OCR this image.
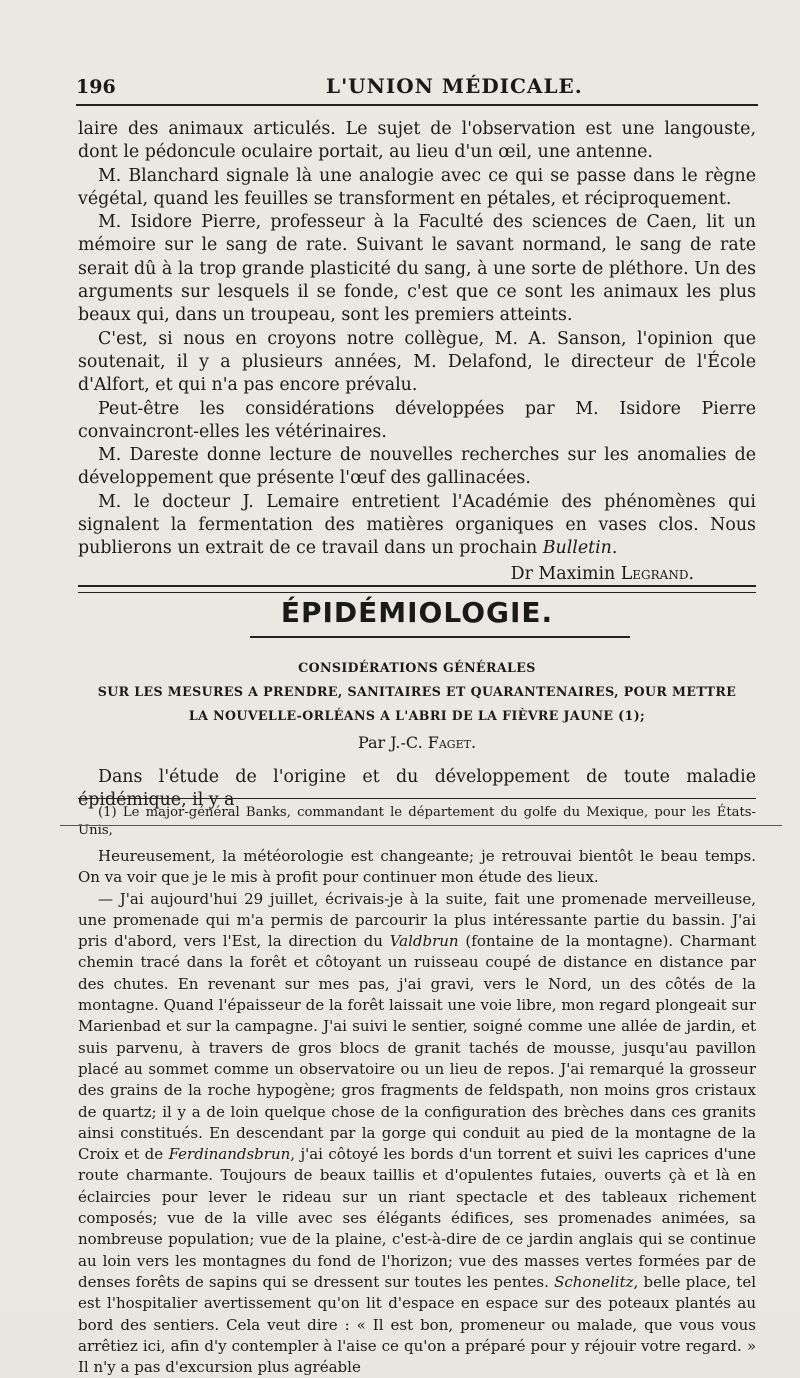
196	L'UNION MÉDICALE.

laire des animaux articulés. Le sujet de l'observation est une langouste, dont le pédoncule oculaire portait, au lieu d'un œil, une antenne.

M. Blanchard signale là une analogie avec ce qui se passe dans le règne végétal, quand les feuilles se transforment en pétales, et réciproquement.

M. Isidore Pierre, professeur à la Faculté des sciences de Caen, lit un mémoire sur le sang de rate. Suivant le savant normand, le sang de rate serait dû à la trop grande plasticité du sang, à une sorte de pléthore. Un des arguments sur lesquels il se fonde, c'est que ce sont les animaux les plus beaux qui, dans un troupeau, sont les premiers atteints.

C'est, si nous en croyons notre collègue, M. A. Sanson, l'opinion que soutenait, il y a plusieurs années, M. Delafond, le directeur de l'École d'Alfort, et qui n'a pas encore prévalu.

Peut-être les considérations développées par M. Isidore Pierre convaincront-elles les vétérinaires.

M. Dareste donne lecture de nouvelles recherches sur les anomalies de développement que présente l'œuf des gallinacées.

M. le docteur J. Lemaire entretient l'Académie des phénomènes qui signalent la fermentation des matières organiques en vases clos. Nous publierons un extrait de ce travail dans un prochain Bulletin.

Dr Maximin Legrand.

ÉPIDÉMIOLOGIE.
CONSIDÉRATIONS GÉNÉRALES
SUR LES MESURES A PRENDRE, SANITAIRES ET QUARANTENAIRES, POUR METTRE
LA NOUVELLE-ORLÉANS A L'ABRI DE LA FIÈVRE JAUNE (1);
Par J.-C. Faget.

Dans l'étude de l'origine et du développement de toute maladie épidémique, il y a

(1) Le major-général Banks, commandant le département du golfe du Mexique, pour les États-Unis,

Heureusement, la météorologie est changeante; je retrouvai bientôt le beau temps. On va voir que je le mis à profit pour continuer mon étude des lieux.

— J'ai aujourd'hui 29 juillet, écrivais-je à la suite, fait une promenade merveilleuse, une promenade qui m'a permis de parcourir la plus intéressante partie du bassin. J'ai pris d'abord, vers l'Est, la direction du Valdbrun (fontaine de la montagne). Charmant chemin tracé dans la forêt et côtoyant un ruisseau coupé de distance en distance par des chutes. En revenant sur mes pas, j'ai gravi, vers le Nord, un des côtés de la montagne. Quand l'épaisseur de la forêt laissait une voie libre, mon regard plongeait sur Marienbad et sur la campagne. J'ai suivi le sentier, soigné comme une allée de jardin, et suis parvenu, à travers de gros blocs de granit tachés de mousse, jusqu'au pavillon placé au sommet comme un observatoire ou un lieu de repos. J'ai remarqué la grosseur des grains de la roche hypogène; gros fragments de feldspath, non moins gros cristaux de quartz; il y a de loin quelque chose de la configuration des brèches dans ces granits ainsi constitués. En descendant par la gorge qui conduit au pied de la montagne de la Croix et de Ferdinandsbrun, j'ai côtoyé les bords d'un torrent et suivi les caprices d'une route charmante. Toujours de beaux taillis et d'opulentes futaies, ouverts çà et là en éclaircies pour lever le rideau sur un riant spectacle et des tableaux richement composés; vue de la ville avec ses élégants édifices, ses promenades animées, sa nombreuse population; vue de la plaine, c'est-à-dire de ce jardin anglais qui se continue au loin vers les montagnes du fond de l'horizon; vue des masses vertes formées par de denses forêts de sapins qui se dressent sur toutes les pentes. Schonelitz, belle place, tel est l'hospitalier avertissement qu'on lit d'espace en espace sur des poteaux plantés au bord des sentiers. Cela veut dire : « Il est bon, promeneur ou malade, que vous vous arrêtiez ici, afin d'y contempler à l'aise ce qu'on a préparé pour y réjouir votre regard. » Il n'y a pas d'excursion plus agréable
